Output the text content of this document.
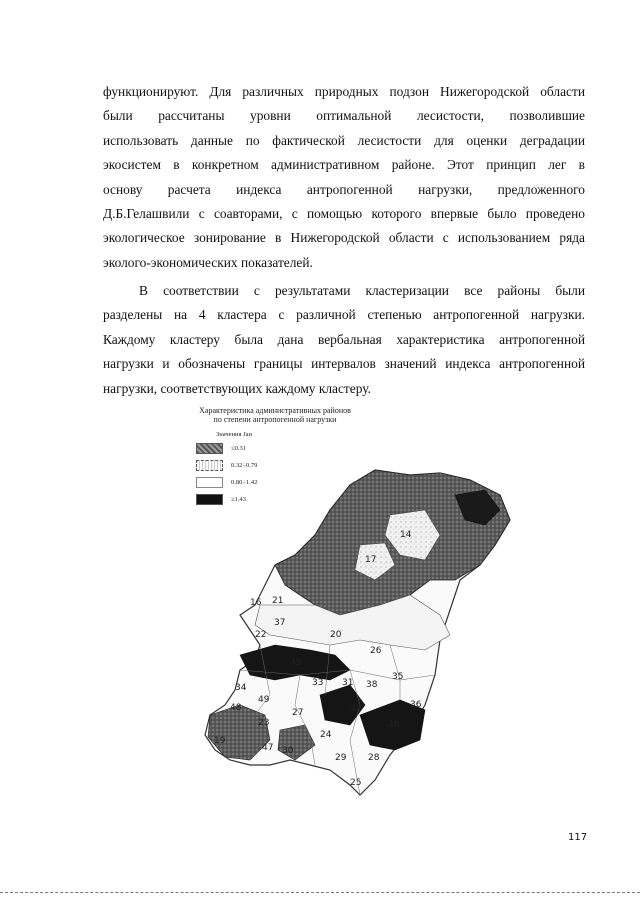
функционируют. Для различных природных подзон Нижегородской области
были рассчитаны уровни оптимальной лесистости, позволившие
использовать данные по фактической лесистости для оценки деградации
экосистем в конкретном административном районе. Этот принцип лег в
основу расчета индекса антропогенной нагрузки, предложенного
Д.Б.Гелашвили с соавторами, с помощью которого впервые было проведено
экологическое зонирование в Нижегородской области с использованием ряда
эколого-экономических показателей.
В соответствии с результатами кластеризации все районы были
разделены на 4 кластера с различной степенью антропогенной нагрузки.
Каждому кластеру была дана вербальная характеристика антропогенной
нагрузки и обозначены границы интервалов значений индекса антропогенной
нагрузки, соответствующих каждому кластеру.
Характеристика административных районов
по степени антропогенной нагрузки
Значения Jан
≤0.31
0.32÷0.79
0.80÷1.42
≥1.43
14
16
17
19
20
21
22
23
24
25
26
27
28
29
30
31
32
33
34
35
36
37
38
45
46
47
48
49
117
